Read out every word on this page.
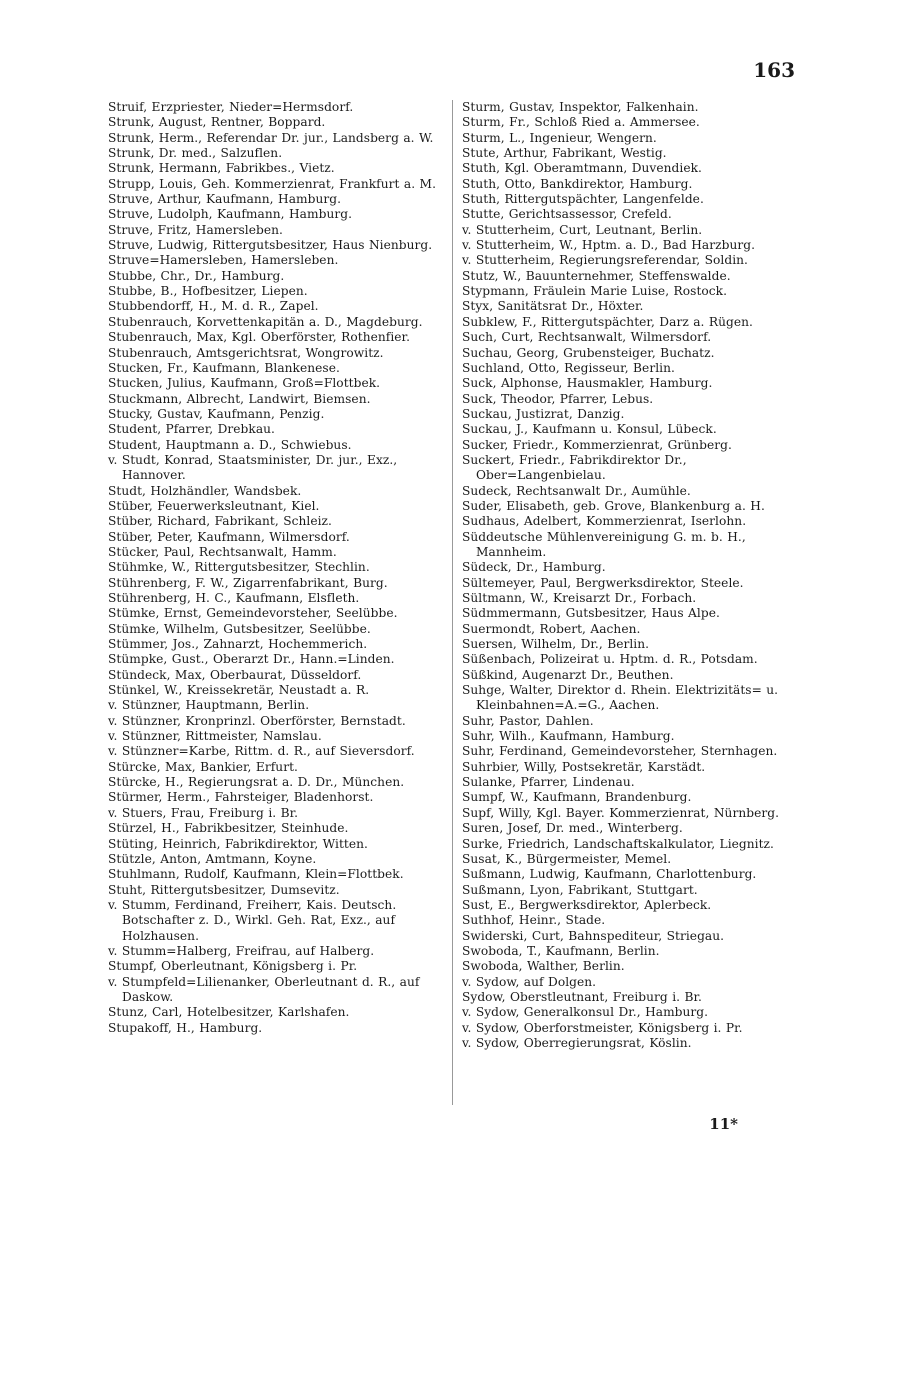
163
Struif, Erzpriester, Nieder=Hermsdorf.
Strunk, August, Rentner, Boppard.
Strunk, Herm., Referendar Dr. jur., Landsberg a. W.
Strunk, Dr. med., Salzuflen.
Strunk, Hermann, Fabrikbes., Vietz.
Strupp, Louis, Geh. Kommerzienrat, Frankfurt a. M.
Struve, Arthur, Kaufmann, Hamburg.
Struve, Ludolph, Kaufmann, Hamburg.
Struve, Fritz, Hamersleben.
Struve, Ludwig, Rittergutsbesitzer, Haus Nienburg.
Struve=Hamersleben, Hamersleben.
Stubbe, Chr., Dr., Hamburg.
Stubbe, B., Hofbesitzer, Liepen.
Stubbendorff, H., M. d. R., Zapel.
Stubenrauch, Korvettenkapitän a. D., Magdeburg.
Stubenrauch, Max, Kgl. Oberförster, Rothenfier.
Stubenrauch, Amtsgerichtsrat, Wongrowitz.
Stucken, Fr., Kaufmann, Blankenese.
Stucken, Julius, Kaufmann, Groß=Flottbek.
Stuckmann, Albrecht, Landwirt, Biemsen.
Stucky, Gustav, Kaufmann, Penzig.
Student, Pfarrer, Drebkau.
Student, Hauptmann a. D., Schwiebus.
v. Studt, Konrad, Staatsminister, Dr. jur., Exz., Hannover.
Studt, Holzhändler, Wandsbek.
Stüber, Feuerwerksleutnant, Kiel.
Stüber, Richard, Fabrikant, Schleiz.
Stüber, Peter, Kaufmann, Wilmersdorf.
Stücker, Paul, Rechtsanwalt, Hamm.
Stühmke, W., Rittergutsbesitzer, Stechlin.
Stührenberg, F. W., Zigarrenfabrikant, Burg.
Stührenberg, H. C., Kaufmann, Elsfleth.
Stümke, Ernst, Gemeindevorsteher, Seelübbe.
Stümke, Wilhelm, Gutsbesitzer, Seelübbe.
Stümmer, Jos., Zahnarzt, Hochemmerich.
Stümpke, Gust., Oberarzt Dr., Hann.=Linden.
Stündeck, Max, Oberbaurat, Düsseldorf.
Stünkel, W., Kreissekretär, Neustadt a. R.
v. Stünzner, Hauptmann, Berlin.
v. Stünzner, Kronprinzl. Oberförster, Bernstadt.
v. Stünzner, Rittmeister, Namslau.
v. Stünzner=Karbe, Rittm. d. R., auf Sieversdorf.
Stürcke, Max, Bankier, Erfurt.
Stürcke, H., Regierungsrat a. D. Dr., München.
Stürmer, Herm., Fahrsteiger, Bladenhorst.
v. Stuers, Frau, Freiburg i. Br.
Stürzel, H., Fabrikbesitzer, Steinhude.
Stüting, Heinrich, Fabrikdirektor, Witten.
Stützle, Anton, Amtmann, Koyne.
Stuhlmann, Rudolf, Kaufmann, Klein=Flottbek.
Stuht, Rittergutsbesitzer, Dumsevitz.
v. Stumm, Ferdinand, Freiherr, Kais. Deutsch. Botschafter z. D., Wirkl. Geh. Rat, Exz., auf Holzhausen.
v. Stumm=Halberg, Freifrau, auf Halberg.
Stumpf, Oberleutnant, Königsberg i. Pr.
v. Stumpfeld=Lilienanker, Oberleutnant d. R., auf Daskow.
Stunz, Carl, Hotelbesitzer, Karlshafen.
Stupakoff, H., Hamburg.
Sturm, Gustav, Inspektor, Falkenhain.
Sturm, Fr., Schloß Ried a. Ammersee.
Sturm, L., Ingenieur, Wengern.
Stute, Arthur, Fabrikant, Westig.
Stuth, Kgl. Oberamtmann, Duvendiek.
Stuth, Otto, Bankdirektor, Hamburg.
Stuth, Rittergutspächter, Langenfelde.
Stutte, Gerichtsassessor, Crefeld.
v. Stutterheim, Curt, Leutnant, Berlin.
v. Stutterheim, W., Hptm. a. D., Bad Harzburg.
v. Stutterheim, Regierungsreferendar, Soldin.
Stutz, W., Bauunternehmer, Steffenswalde.
Stypmann, Fräulein Marie Luise, Rostock.
Styx, Sanitätsrat Dr., Höxter.
Subklew, F., Rittergutspächter, Darz a. Rügen.
Such, Curt, Rechtsanwalt, Wilmersdorf.
Suchau, Georg, Grubensteiger, Buchatz.
Suchland, Otto, Regisseur, Berlin.
Suck, Alphonse, Hausmakler, Hamburg.
Suck, Theodor, Pfarrer, Lebus.
Suckau, Justizrat, Danzig.
Suckau, J., Kaufmann u. Konsul, Lübeck.
Sucker, Friedr., Kommerzienrat, Grünberg.
Suckert, Friedr., Fabrikdirektor Dr., Ober=Langenbielau.
Sudeck, Rechtsanwalt Dr., Aumühle.
Suder, Elisabeth, geb. Grove, Blankenburg a. H.
Sudhaus, Adelbert, Kommerzienrat, Iserlohn.
Süddeutsche Mühlenvereinigung G. m. b. H., Mannheim.
Südeck, Dr., Hamburg.
Sültemeyer, Paul, Bergwerksdirektor, Steele.
Sültmann, W., Kreisarzt Dr., Forbach.
Südmmermann, Gutsbesitzer, Haus Alpe.
Suermondt, Robert, Aachen.
Suersen, Wilhelm, Dr., Berlin.
Süßenbach, Polizeirat u. Hptm. d. R., Potsdam.
Süßkind, Augenarzt Dr., Beuthen.
Suhge, Walter, Direktor d. Rhein. Elektrizitäts= u. Kleinbahnen=A.=G., Aachen.
Suhr, Pastor, Dahlen.
Suhr, Wilh., Kaufmann, Hamburg.
Suhr, Ferdinand, Gemeindevorsteher, Sternhagen.
Suhrbier, Willy, Postsekretär, Karstädt.
Sulanke, Pfarrer, Lindenau.
Sumpf, W., Kaufmann, Brandenburg.
Supf, Willy, Kgl. Bayer. Kommerzienrat, Nürnberg.
Suren, Josef, Dr. med., Winterberg.
Surke, Friedrich, Landschaftskalkulator, Liegnitz.
Susat, K., Bürgermeister, Memel.
Sußmann, Ludwig, Kaufmann, Charlottenburg.
Sußmann, Lyon, Fabrikant, Stuttgart.
Sust, E., Bergwerksdirektor, Aplerbeck.
Suthhof, Heinr., Stade.
Swiderski, Curt, Bahnspediteur, Striegau.
Swoboda, T., Kaufmann, Berlin.
Swoboda, Walther, Berlin.
v. Sydow, auf Dolgen.
Sydow, Oberstleutnant, Freiburg i. Br.
v. Sydow, Generalkonsul Dr., Hamburg.
v. Sydow, Oberforstmeister, Königsberg i. Pr.
v. Sydow, Oberregierungsrat, Köslin.
11*
